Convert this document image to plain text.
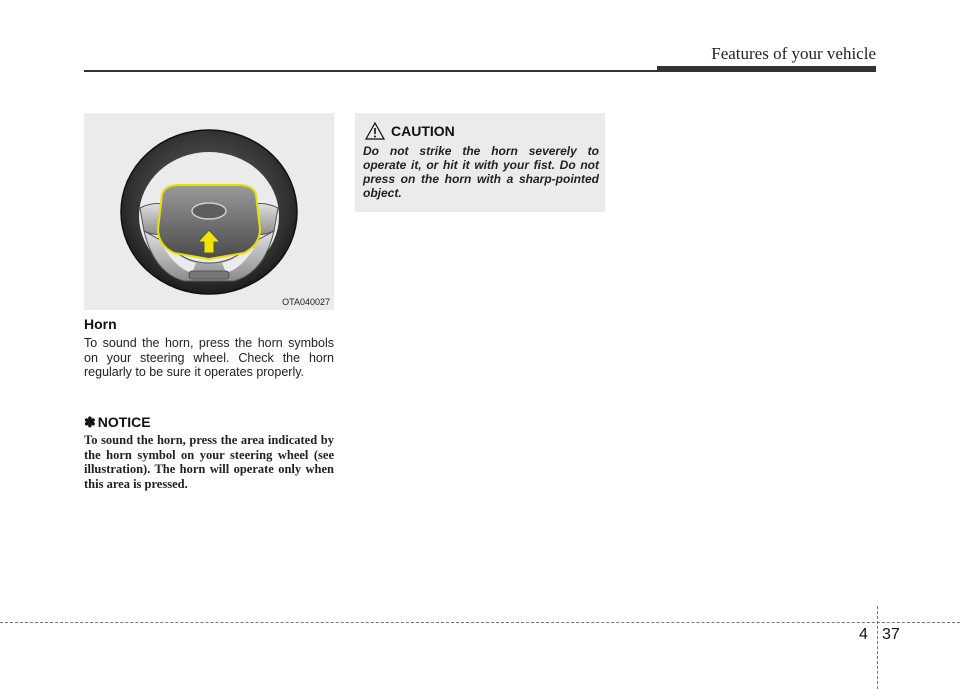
Features of your vehicle
OTA040027
Horn
To sound the horn, press the horn symbols on your steering wheel. Check the horn regularly to be sure it operates properly.
✽ NOTICE
To sound the horn, press the area indicated by the horn symbol on your steering wheel (see illustration). The horn will operate only when this area is pressed.
CAUTION
Do not strike the horn severely to operate it, or hit it with your fist. Do not press on the horn with a sharp-pointed object.
4 37
